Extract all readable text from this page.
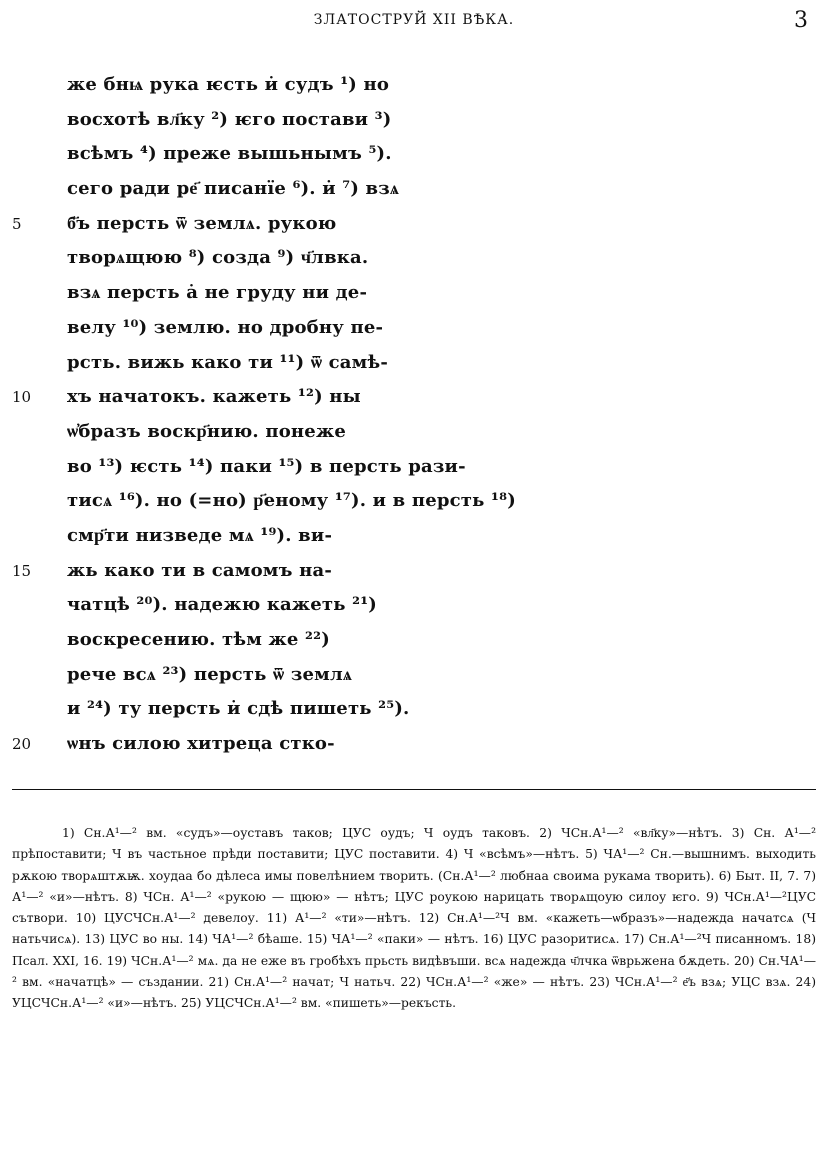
ЗЛАТОСТРУЙ XII ВѢКА.	3
же бнѩ рука ѥсть и̇ судъ ¹) но
восхотѣ вл҃ку ²) ѥго постави ³)
всѣмъ ⁴) преже вышьнымъ ⁵).
сего ради ре҃ писанїе ⁶). и̇ ⁷) взѧ
5	б҃ъ персть ѿ землѧ. рукою
творѧщюю ⁸) созда ⁹) ч҃лвка.
взѧ персть а̇ не груду ни де-
велу ¹⁰) землю. но дробну пе-
рсть. вижь како ти ¹¹) ѿ самѣ-
10	хъ начатокъ. кажеть ¹²) ны
ѡ҆бразъ воскр҃нию. понеже
во ¹³) ѥсть ¹⁴) паки ¹⁵) в персть рази-
тисѧ ¹⁶). но (=но) р҃еному ¹⁷). и в персть ¹⁸)
смр҃ти низведе мѧ ¹⁹). ви-
15	жь како ти в самомъ на-
чатцѣ ²⁰). надежю кажеть ²¹)
воскресению. тѣм же ²²)
рече всѧ ²³) персть ѿ землѧ
и ²⁴) ту персть и̇ сдѣ пишеть ²⁵).
20	ѡнъ силою хитреца стко-

1) Сн.А¹—² вм. «судъ»—оуставъ таков; ЦУС оудъ; Ч оудъ таковъ. 2) ЧСн.А¹—² «вл҃ку»—нѣтъ. 3) Сн. А¹—² прѣпоставити; Ч въ частьное прѣди поставити; ЦУС поставити. 4) Ч «всѣмъ»—нѣтъ. 5) ЧА¹—² Сн.—вышнимъ. выходить рѫкою творѧштѫѭ. хоудаа бо дѣлеса имы повелѣнием творить. (Сн.А¹—² любнаа своима рукама творить). 6) Быт. II, 7. 7) А¹—² «и»—нѣтъ. 8) ЧСн. А¹—² «рукою — щюю» — нѣтъ; ЦУС роукою нарицать творѧщоую силоу ѥго. 9) ЧСн.А¹—²ЦУС сътвори. 10) ЦУСЧСн.А¹—² девелоу. 11) А¹—² «ти»—нѣтъ. 12) Сн.А¹—²Ч вм. «кажеть—ѡбразъ»—надежда начатсѧ (Ч натьчисѧ). 13) ЦУС во ны. 14) ЧА¹—² бѣаше. 15) ЧА¹—² «паки» — нѣтъ. 16) ЦУС разоритисѧ. 17) Сн.А¹—²Ч писанномъ. 18) Псал. XXI, 16. 19) ЧСн.А¹—² мѧ. да не еже въ гробѣхъ прьсть видѣвъши. всѧ надежда ч҃лчка ѿврьжена бѫдеть. 20) Сн.ЧА¹—² вм. «начатцѣ» — създании. 21) Сн.А¹—² начат; Ч натьч. 22) ЧСн.А¹—² «же» — нѣтъ. 23) ЧСн.А¹—² е҃ъ взѧ; УЦС взѧ. 24) УЦСЧСн.А¹—² «и»—нѣтъ. 25) УЦСЧСн.А¹—² вм. «пишеть»—рекъсть.
